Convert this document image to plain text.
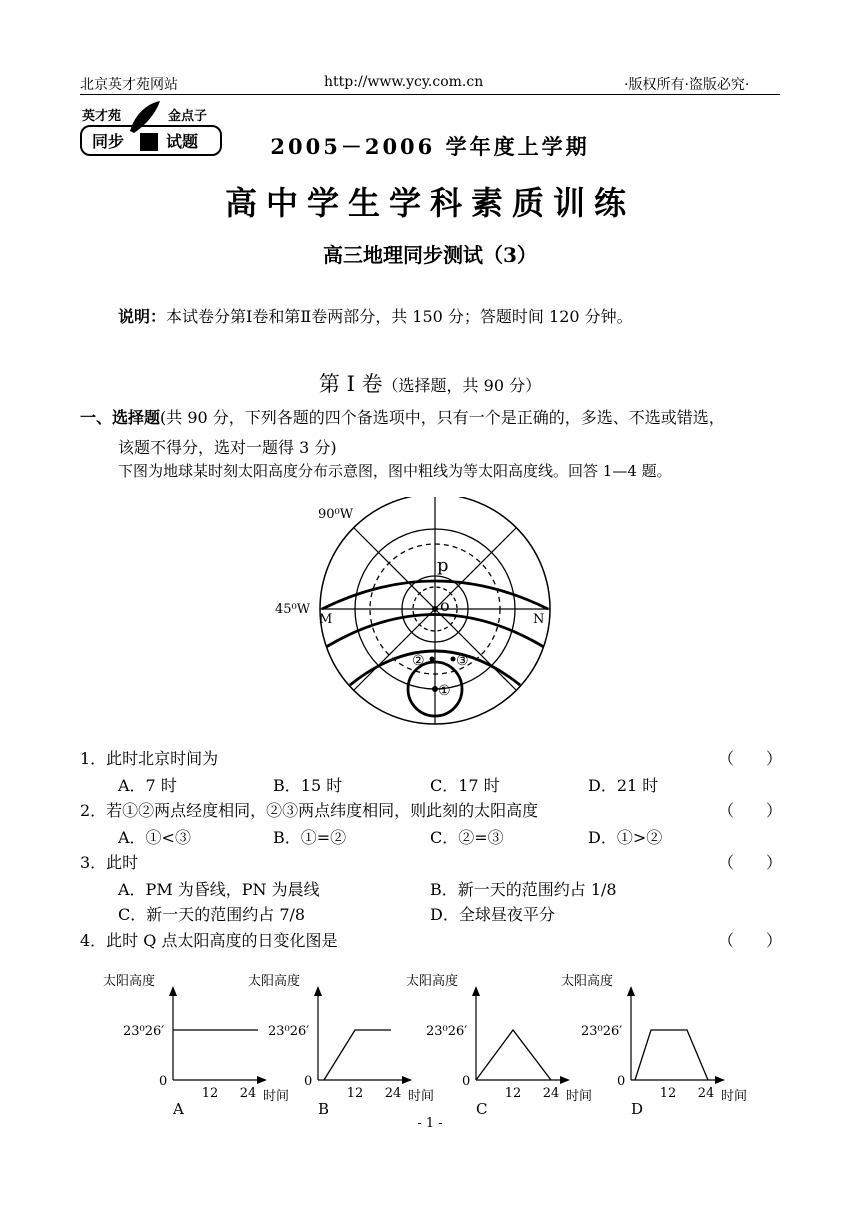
北京英才苑网站	http://www.ycy.com.cn	·版权所有·盗版必究·
英才苑	金点子
同步	试题	2005－2006 学年度上学期
高中学生学科素质训练
高三地理同步测试（3）
说明：本试卷分第Ⅰ卷和第Ⅱ卷两部分，共 150 分；答题时间 120 分钟。
第 Ⅰ 卷（选择题，共 90 分）
一、选择题(共 90 分，下列各题的四个备选项中，只有一个是正确的，多选、不选或错选，
该题不得分，选对一题得 3 分)
下图为地球某时刻太阳高度分布示意图，图中粗线为等太阳高度线。回答 1—4 题。
90⁰W
45⁰W
p
o
M	N
② ③
①
1．此时北京时间为	（　　）
A．7 时	B．15 时	C．17 时	D．21 时
2．若①②两点经度相同，②③两点纬度相同，则此刻的太阳高度	（　　）
A．①<③	B．①=②	C．②=③	D．①>②
3．此时	（　　）
A．PM 为昏线，PN 为晨线	B．新一天的范围约占 1/8
C．新一天的范围约占 7/8	D．全球昼夜平分
4．此时 Q 点太阳高度的日变化图是	（　　）
太阳高度
23⁰26′
0
12 24 时间
A
太阳高度
23⁰26′
0
12 24 时间
B
太阳高度
23⁰26′
0
12 24 时间
C
太阳高度
23⁰26′
0
12 24 时间
D
- 1 -
